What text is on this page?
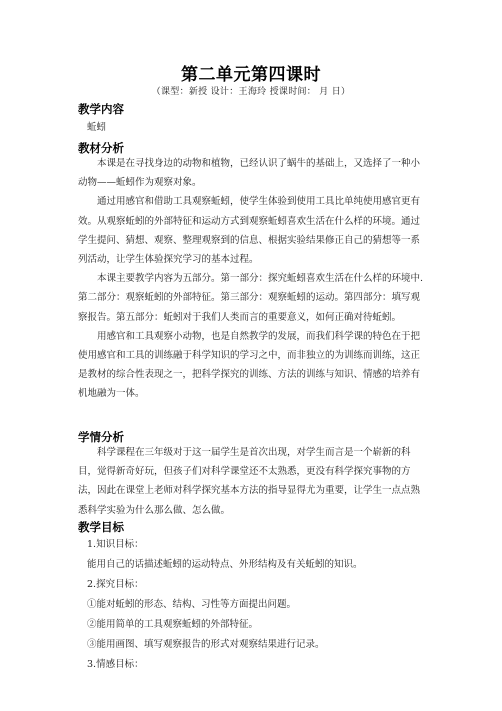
第二单元第四课时
（课型：新授 设计：王海玲 授课时间： 月 日）
教学内容

蚯蚓

教材分析

本课是在寻找身边的动物和植物，已经认识了蜗牛的基础上，又选择了一种小动物——蚯蚓作为观察对象。

通过用感官和借助工具观察蚯蚓，使学生体验到使用工具比单纯使用感官更有效。从观察蚯蚓的外部特征和运动方式到观察蚯蚓喜欢生活在什么样的环境。通过学生提问、猜想、观察、整理观察到的信息、根据实验结果修正自己的猜想等一系列活动，让学生体验探究学习的基本过程。

本课主要教学内容为五部分。第一部分：探究蚯蚓喜欢生活在什么样的环境中.第二部分：观察蚯蚓的外部特征。第三部分：观察蚯蚓的运动。第四部分：填写观察报告。第五部分：蚯蚓对于我们人类而言的重要意义，如何正确对待蚯蚓。

用感官和工具观察小动物，也是自然教学的发展，而我们科学课的特色在于把使用感官和工具的训练融于科学知识的学习之中，而非独立的为训练而训练，这正是教材的综合性表现之一，把科学探究的训练、方法的训练与知识、情感的培养有机地融为一体。

学情分析

科学课程在三年级对于这一届学生是首次出现，对学生而言是一个崭新的科目，觉得新奇好玩，但孩子们对科学课堂还不太熟悉，更没有科学探究事物的方法，因此在课堂上老师对科学探究基本方法的指导显得尤为重要，让学生一点点熟悉科学实验为什么那么做、怎么做。

教学目标
1.知识目标：
能用自己的话描述蚯蚓的运动特点、外形结构及有关蚯蚓的知识。
2.探究目标：
①能对蚯蚓的形态、结构、习性等方面提出问题。
②能用简单的工具观察蚯蚓的外部特征。
③能用画图、填写观察报告的形式对观察结果进行记录。
3.情感目标：
